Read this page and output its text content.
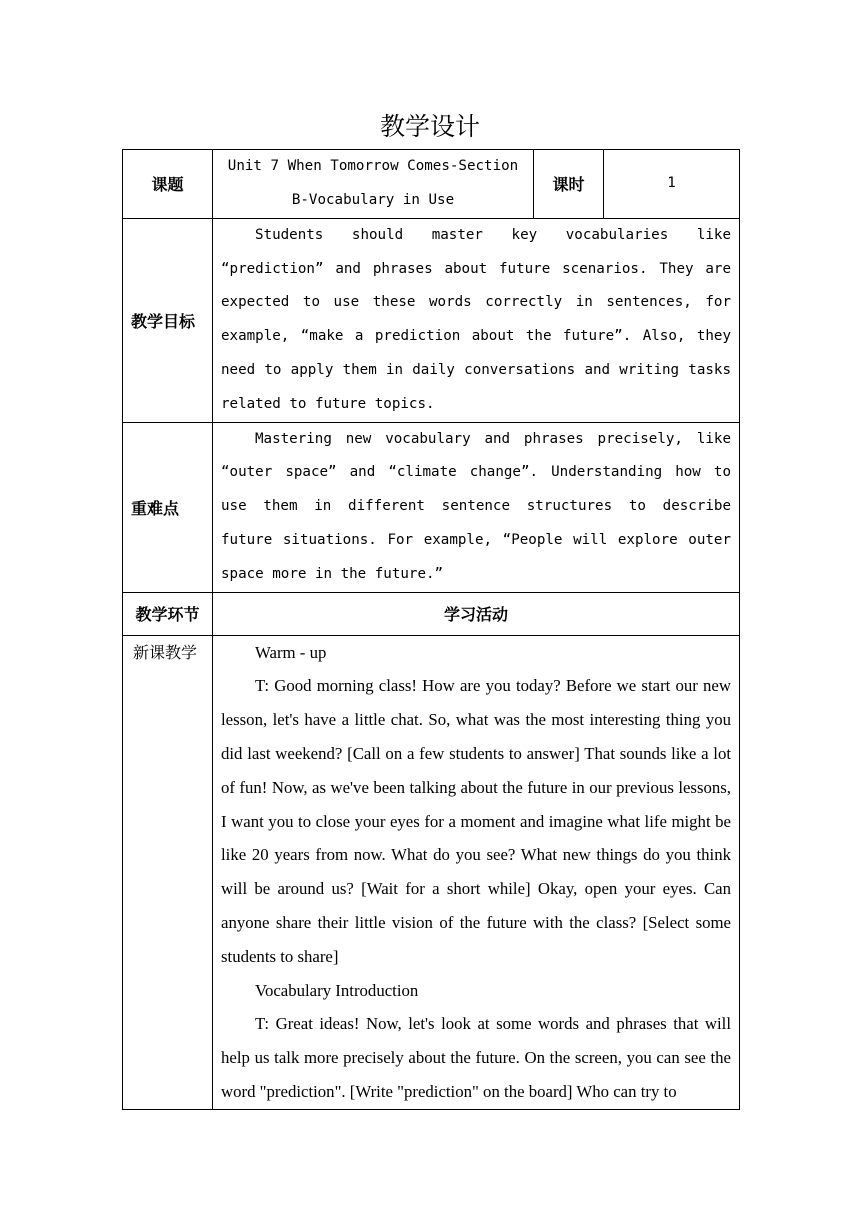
教学设计
课题	Unit 7 When Tomorrow Comes-Section B-Vocabulary in Use	课时	1
教学目标	Students should master key vocabularies like “prediction” and phrases about future scenarios. They are expected to use these words correctly in sentences, for example, “make a prediction about the future”. Also, they need to apply them in daily conversations and writing tasks related to future topics.		

重难点	Mastering new vocabulary and phrases precisely, like “outer space” and “climate change”. Understanding how to use them in different sentence structures to describe future situations. For example, “People will explore outer space more in the future.”		

教学环节	学习活动		
新课教学	Warm - up

T: Good morning class! How are you today? Before we start our new lesson, let's have a little chat. So, what was the most interesting thing you did last weekend? [Call on a few students to answer] That sounds like a lot of fun! Now, as we've been talking about the future in our previous lessons, I want you to close your eyes for a moment and imagine what life might be like 20 years from now. What do you see? What new things do you think will be around us? [Wait for a short while] Okay, open your eyes. Can anyone share their little vision of the future with the class? [Select some students to share]

Vocabulary Introduction

T: Great ideas! Now, let's look at some words and phrases that will help us talk more precisely about the future. On the screen, you can see the word "prediction". [Write "prediction" on the board] Who can try to		
